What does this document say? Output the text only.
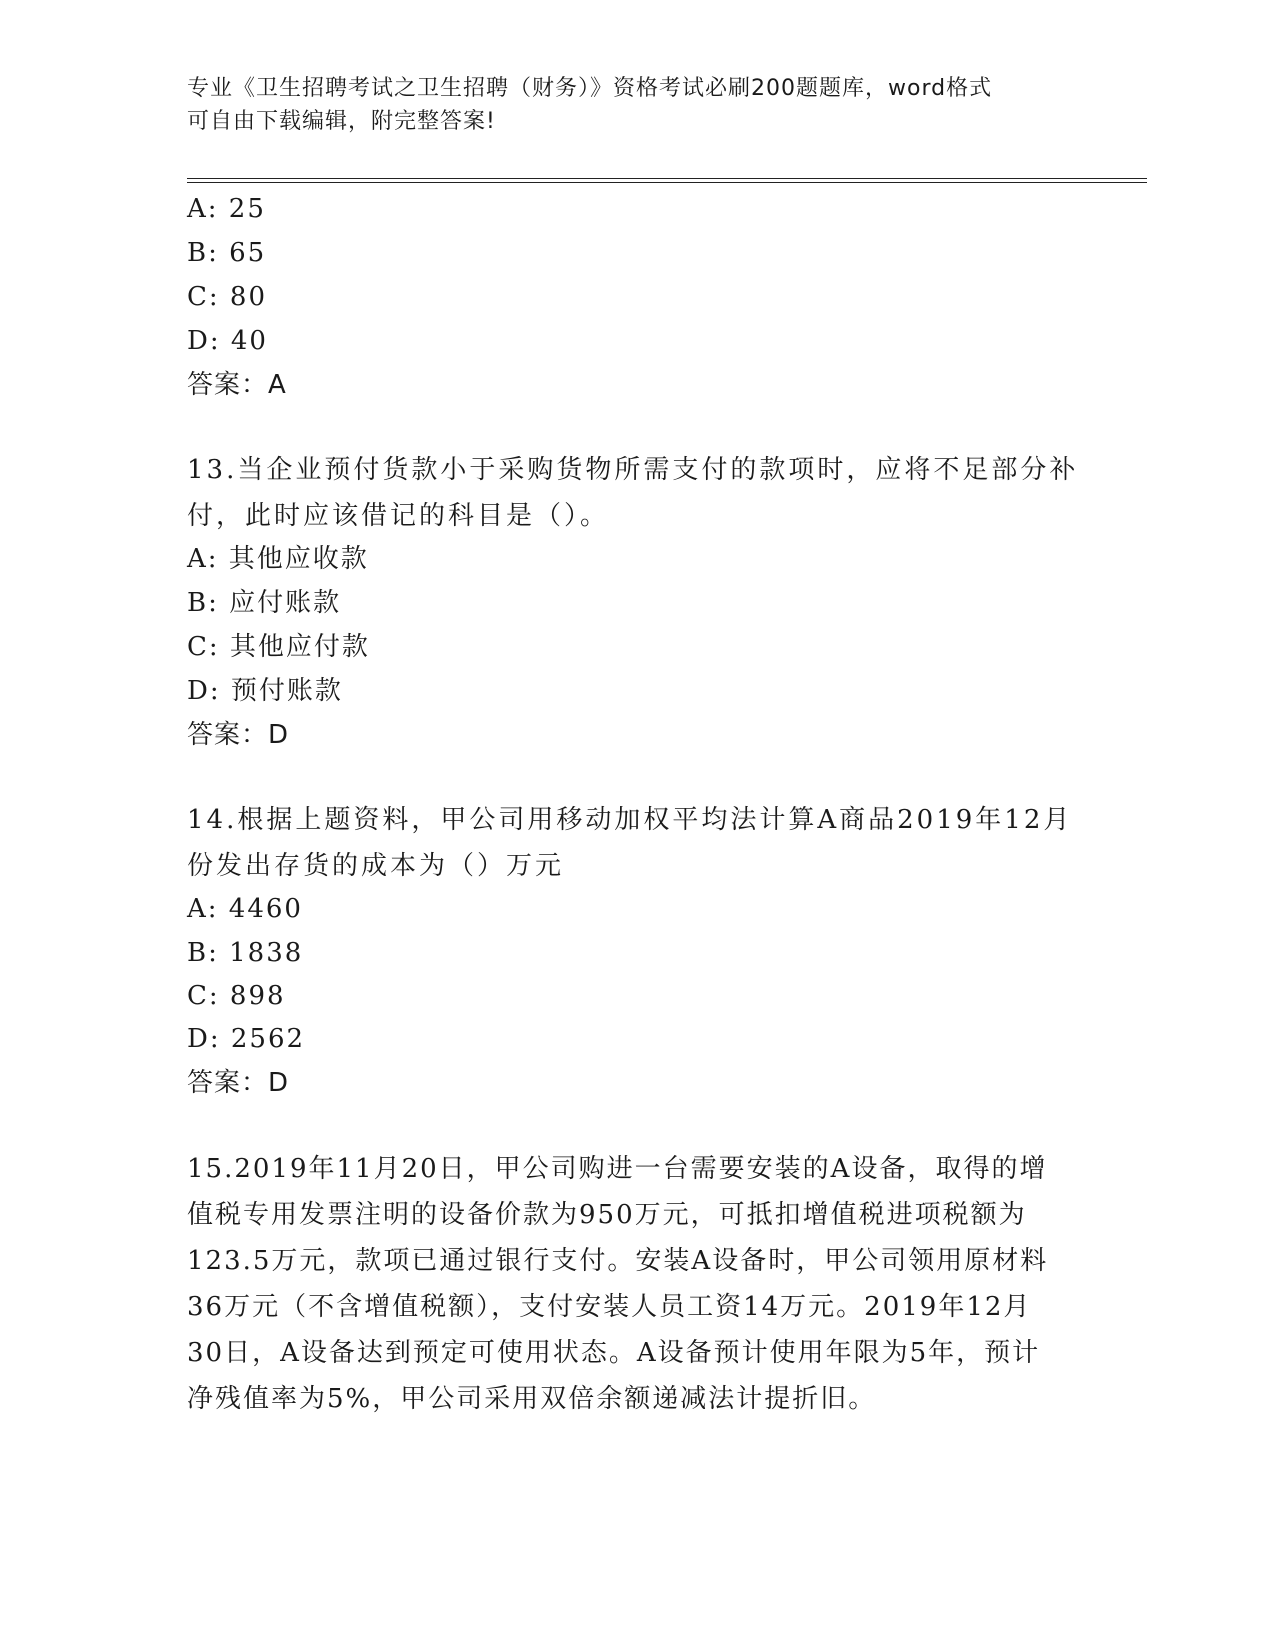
专业《卫生招聘考试之卫生招聘（财务）》资格考试必刷200题题库，word格式
可自由下载编辑，附完整答案!
A: 25
B: 65
C: 80
D: 40
答案：A
13.当企业预付货款小于采购货物所需支付的款项时，应将不足部分补
付，此时应该借记的科目是（）。
A: 其他应收款
B: 应付账款
C: 其他应付款
D: 预付账款
答案：D
14.根据上题资料，甲公司用移动加权平均法计算A商品2019年12月
份发出存货的成本为（）万元
A: 4460
B: 1838
C: 898
D: 2562
答案：D
15.2019年11月20日，甲公司购进一台需要安装的A设备，取得的增
值税专用发票注明的设备价款为950万元，可抵扣增值税进项税额为
123.5万元，款项已通过银行支付。安装A设备时，甲公司领用原材料
36万元（不含增值税额），支付安装人员工资14万元。2019年12月
30日，A设备达到预定可使用状态。A设备预计使用年限为5年，预计
净残值率为5%，甲公司采用双倍余额递减法计提折旧。
